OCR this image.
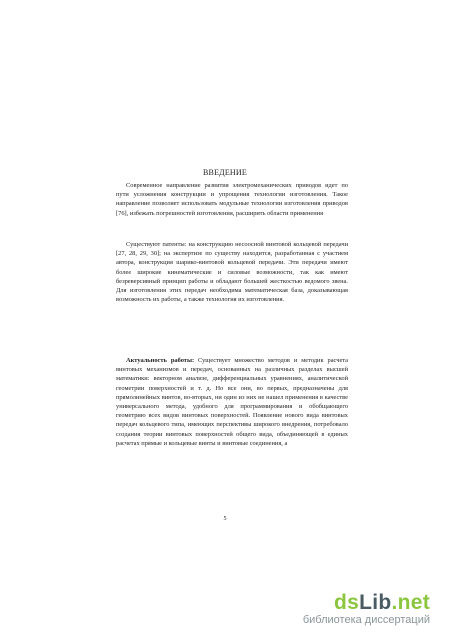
ВВЕДЕНИЕ

Современное направление развития электромеханических приводов идет по пути усложнения конструкции и упрощения технологии изготовления. Такое направление позволяет использовать модульные технологии изготовления приводов [76], избежать погрешностей изготовления, расширить области применения

Существуют патенты: на конструкцию несоосной винтовой кольцевой передачи [27, 28, 29, 30]; на экспертизе по существу находится, разработанная с участием автора, конструкция шарико-винтовой кольцевой передачи. Эти передачи имеют более широкие кинематические и силовые возможности, так как имеют безреверсивный принцип работы и обладают большей жесткостью ведомого звена. Для изготовления этих передач необходима математическая база, доказывающая возможность их работы, а также технология их изготовления.

Актуальность работы: Существует множество методов и методик расчета винтовых механизмов и передач, основанных на различных разделах высшей математики: векторном анализе, дифференциальных уравнениях, аналитической геометрии поверхностей и т. д. Но все они, во первых, предназначены для прямолинейных винтов, во-вторых, ни один из них не нашел применения в качестве универсального метода, удобного для программирования и обобщающего геометрию всех видов винтовых поверхностей. Появление нового вида винтовых передач кольцевого типа, имеющих перспективы широкого внедрения, потребовало создания теории винтовых поверхностей общего вида, объединяющей в единых расчетах прямые и кольцевые винты и винтовые соединения, а

5
dsLib.net
библиотека диссертаций
